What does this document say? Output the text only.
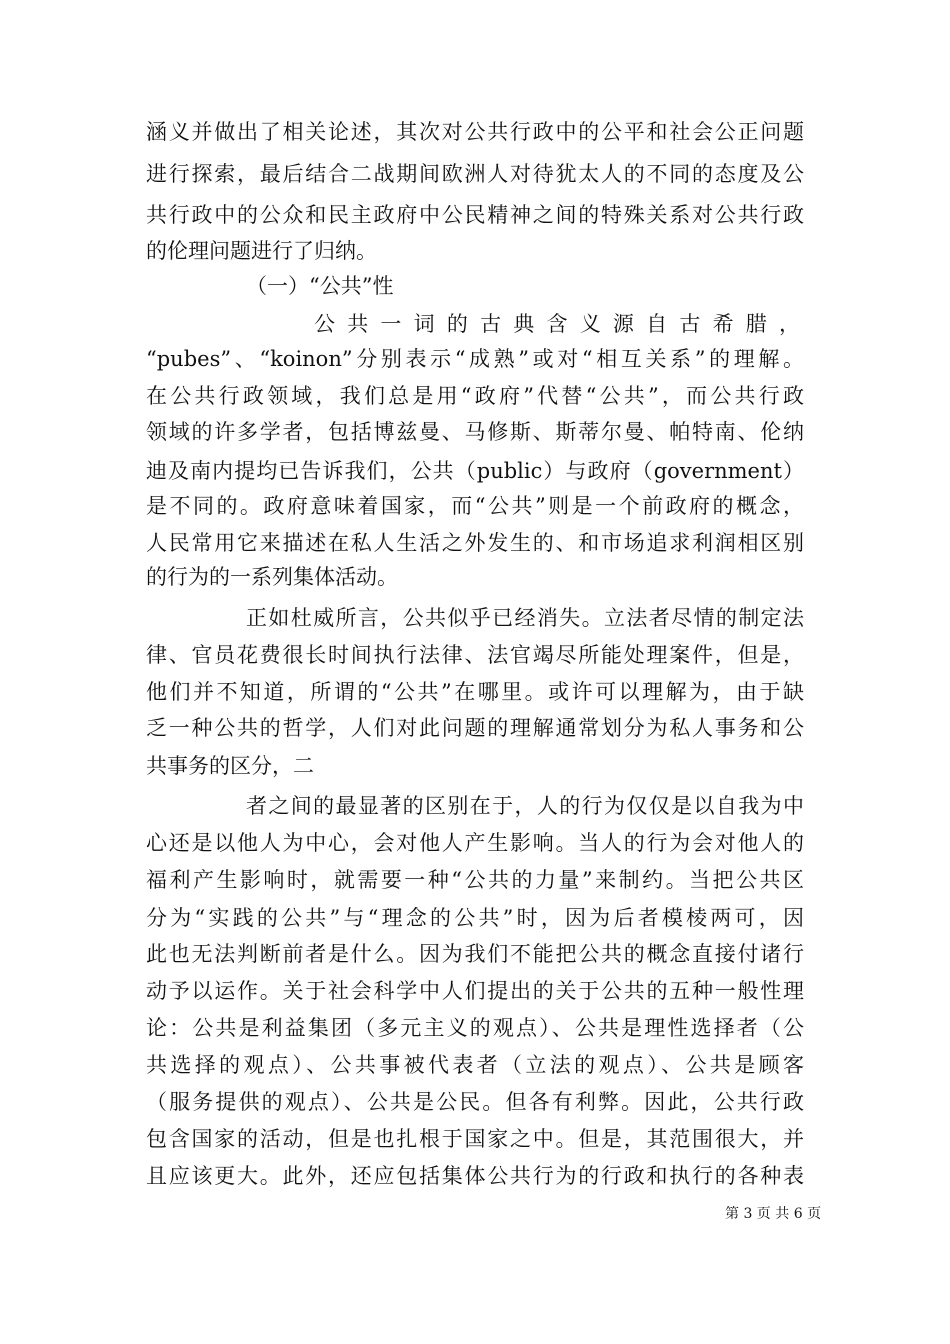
涵义并做出了相关论述，其次对公共行政中的公平和社会公正问题

进行探索，最后结合二战期间欧洲人对待犹太人的不同的态度及公

共行政中的公众和民主政府中公民精神之间的特殊关系对公共行政

的伦理问题进行了归纳。

（一）“公共”性

公共一词的古典含义源自古希腊，

“pubes”、“koinon”分别表示“成熟”或对“相互关系”的理解。

在公共行政领域，我们总是用“政府”代替“公共”，而公共行政

领域的许多学者，包括博兹曼、马修斯、斯蒂尔曼、帕特南、伦纳

迪及南内提均已告诉我们，公共（public）与政府（government）

是不同的。政府意味着国家，而“公共”则是一个前政府的概念，

人民常用它来描述在私人生活之外发生的、和市场追求利润相区别

的行为的一系列集体活动。

正如杜威所言，公共似乎已经消失。立法者尽情的制定法

律、官员花费很长时间执行法律、法官竭尽所能处理案件，但是，

他们并不知道，所谓的“公共”在哪里。或许可以理解为，由于缺

乏一种公共的哲学，人们对此问题的理解通常划分为私人事务和公

共事务的区分，二

者之间的最显著的区别在于，人的行为仅仅是以自我为中

心还是以他人为中心，会对他人产生影响。当人的行为会对他人的

福利产生影响时，就需要一种“公共的力量”来制约。当把公共区

分为“实践的公共”与“理念的公共”时，因为后者模棱两可，因

此也无法判断前者是什么。因为我们不能把公共的概念直接付诸行

动予以运作。关于社会科学中人们提出的关于公共的五种一般性理

论：公共是利益集团（多元主义的观点）、公共是理性选择者（公

共选择的观点）、公共事被代表者（立法的观点）、公共是顾客

（服务提供的观点）、公共是公民。但各有利弊。因此，公共行政

包含国家的活动，但是也扎根于国家之中。但是，其范围很大，并

且应该更大。此外，还应包括集体公共行为的行政和执行的各种表

第 3 页 共 6 页
